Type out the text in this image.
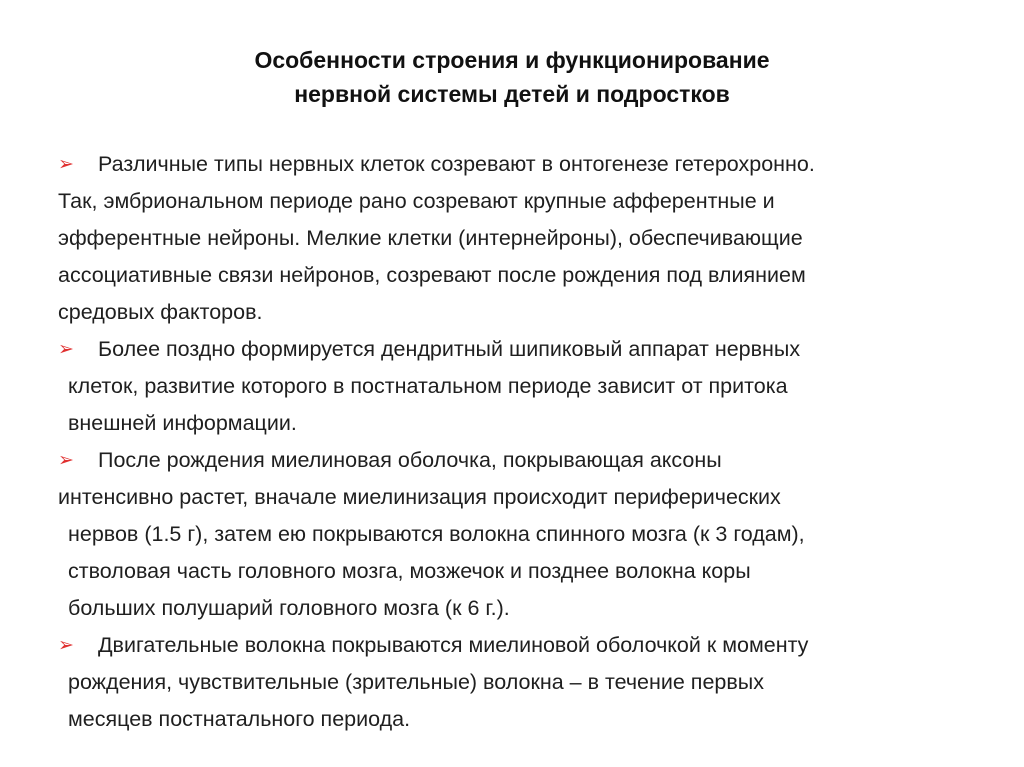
Особенности строения и функционирование
нервной системы детей и подростков
➢ Различные типы нервных клеток созревают в онтогенезе гетерохронно.
Так, эмбриональном периоде рано созревают крупные афферентные и
эфферентные нейроны. Мелкие клетки (интернейроны), обеспечивающие
ассоциативные связи нейронов, созревают после рождения под влиянием
средовых факторов.
➢ Более поздно формируется дендритный шипиковый аппарат нервных
клеток, развитие которого в постнатальном периоде зависит от притока
внешней информации.
➢ После рождения миелиновая оболочка, покрывающая аксоны
интенсивно растет, вначале миелинизация происходит периферических
нервов (1.5 г), затем ею покрываются волокна спинного мозга (к 3 годам),
стволовая часть головного мозга, мозжечок и позднее волокна коры
больших полушарий головного мозга (к 6 г.).
➢ Двигательные волокна покрываются миелиновой оболочкой к моменту
рождения, чувствительные (зрительные) волокна – в течение первых
месяцев постнатального периода.
